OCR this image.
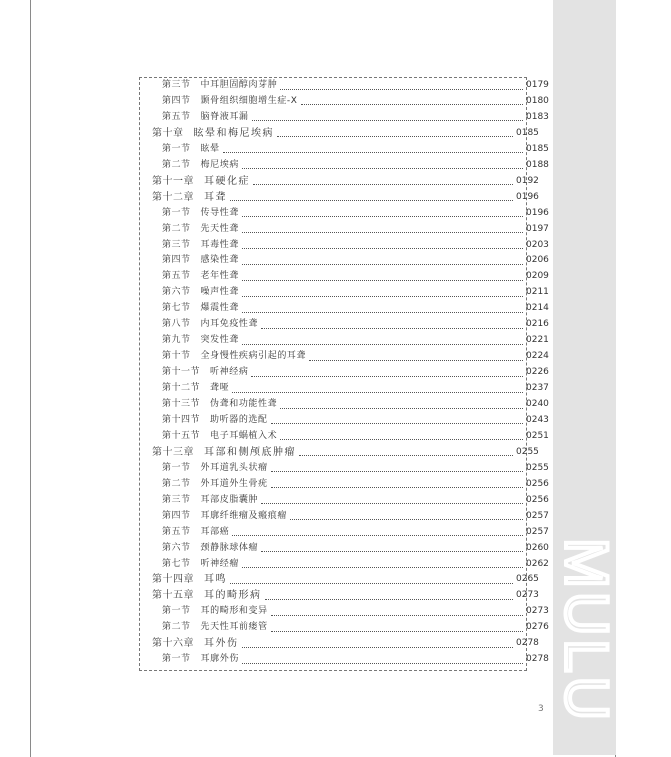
MULU
3
第三节 中耳胆固醇肉芽肿	0179
第四节 颞骨组织细胞增生症-X	0180
第五节 脑脊液耳漏	0183
第十章 眩晕和梅尼埃病	0185
第一节 眩晕	0185
第二节 梅尼埃病	0188
第十一章 耳硬化症	0192
第十二章 耳聋	0196
第一节 传导性聋	0196
第二节 先天性聋	0197
第三节 耳毒性聋	0203
第四节 感染性聋	0206
第五节 老年性聋	0209
第六节 噪声性聋	0211
第七节 爆震性聋	0214
第八节 内耳免疫性聋	0216
第九节 突发性聋	0221
第十节 全身慢性疾病引起的耳聋	0224
第十一节 听神经病	0226
第十二节 聋哑	0237
第十三节 伪聋和功能性聋	0240
第十四节 助听器的选配	0243
第十五节 电子耳蜗植入术	0251
第十三章 耳部和侧颅底肿瘤	0255
第一节 外耳道乳头状瘤	0255
第二节 外耳道外生骨疣	0256
第三节 耳部皮脂囊肿	0256
第四节 耳廓纤维瘤及瘢痕瘤	0257
第五节 耳部癌	0257
第六节 颈静脉球体瘤	0260
第七节 听神经瘤	0262
第十四章 耳鸣	0265
第十五章 耳的畸形病	0273
第一节 耳的畸形和变异	0273
第二节 先天性耳前瘘管	0276
第十六章 耳外伤	0278
第一节 耳廓外伤	0278
